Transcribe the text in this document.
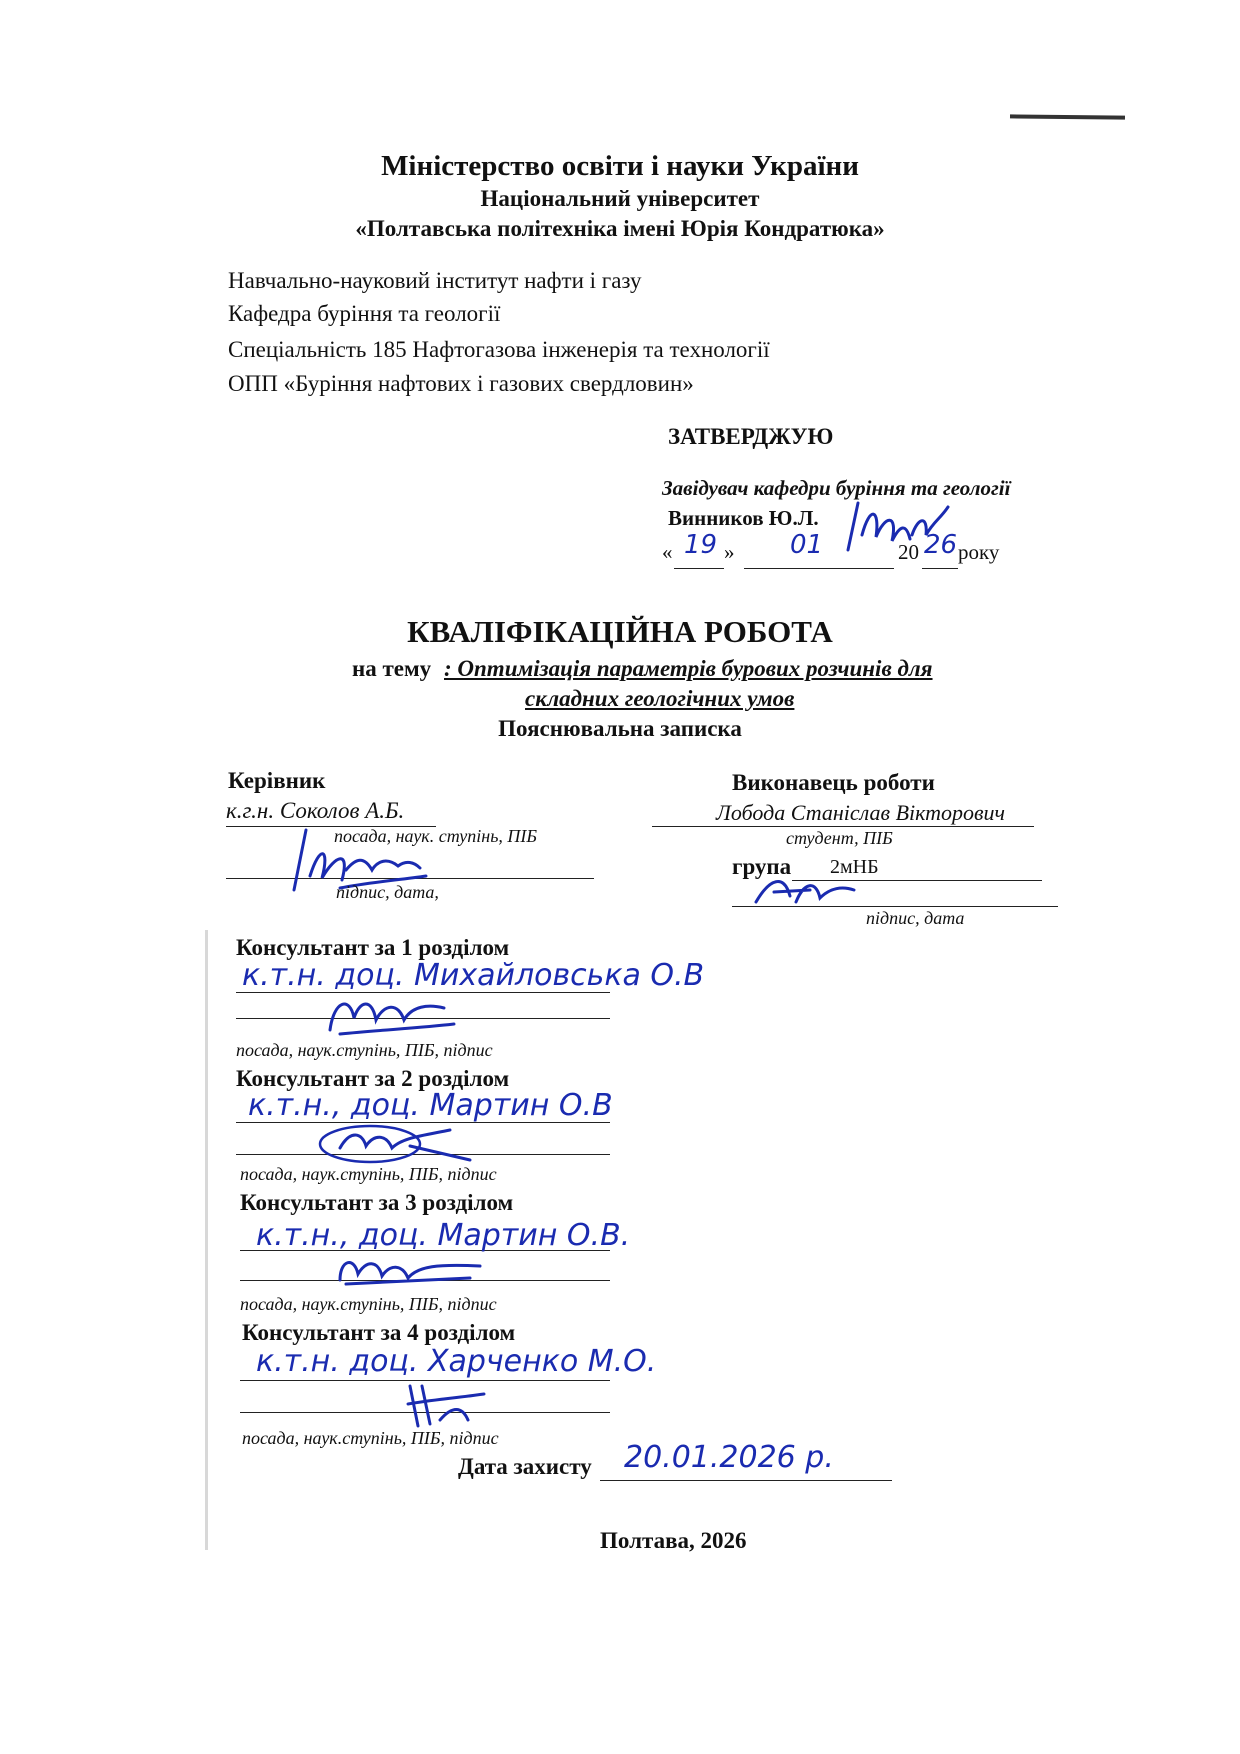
Міністерство освіти і науки України
Національний університет
«Полтавська політехніка імені Юрія Кондратюка»
Навчально-науковий інститут нафти і газу
Кафедра буріння та геології
Спеціальність 185 Нафтогазова інженерія та технології
ОПП «Буріння нафтових і газових свердловин»
ЗАТВЕРДЖУЮ
Завідувач кафедри буріння та геології
Винников Ю.Л.
« 19 » 01	20 26 року
КВАЛІФІКАЦІЙНА РОБОТА
на тему : Оптимізація параметрів бурових розчинів для
складних геологічних умов
Пояснювальна записка
Керівник
к.г.н. Соколов А.Б.
посада, наук. ступінь, ПІБ
підпис, дата,
Виконавець роботи
Лобода Станіслав Вікторович
студент, ПІБ
група 2мНБ
підпис, дата
Консультант за 1 розділом
к.т.н. доц. Михайловська О.В
посада, наук.ступінь, ПІБ, підпис
Консультант за 2 розділом
к.т.н., доц. Мартин О.В
посада, наук.ступінь, ПІБ, підпис
Консультант за 3 розділом
к.т.н., доц. Мартин О.В.
посада, наук.ступінь, ПІБ, підпис
Консультант за 4 розділом
к.т.н. доц. Харченко М.О.
посада, наук.ступінь, ПІБ, підпис
Дата захисту 20.01.2026 р.
Полтава, 2026
